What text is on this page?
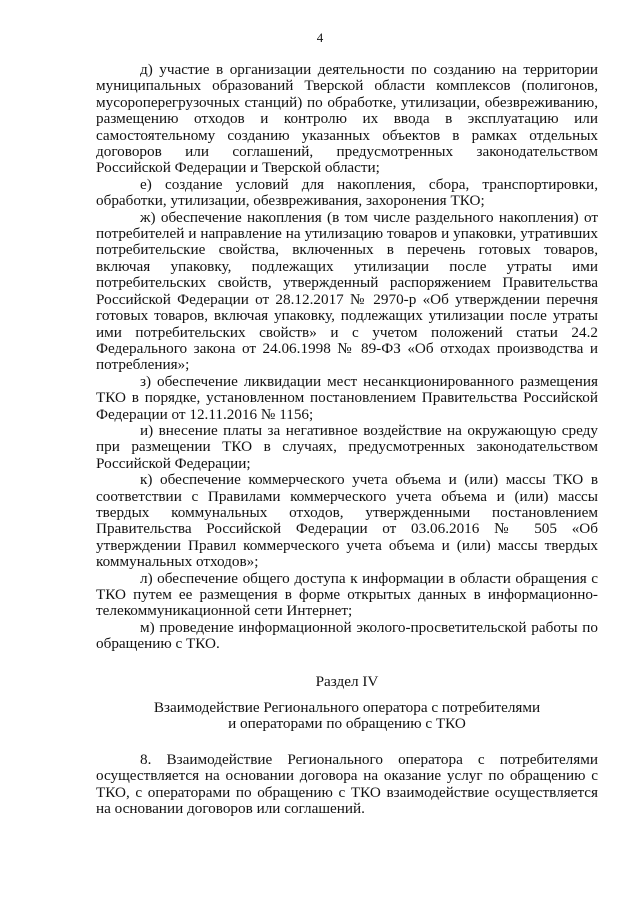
4

д) участие в организации деятельности по созданию на территории муниципальных образований Тверской области комплексов (полигонов, мусороперегрузочных станций) по обработке, утилизации, обезвреживанию, размещению отходов и контролю их ввода в эксплуатацию или самостоятельному созданию указанных объектов в рамках отдельных договоров или соглашений, предусмотренных законодательством Российской Федерации и Тверской области;

е) создание условий для накопления, сбора, транспортировки, обработки, утилизации, обезвреживания, захоронения ТКО;

ж) обеспечение накопления (в том числе раздельного накопления) от потребителей и направление на утилизацию товаров и упаковки, утративших потребительские свойства, включенных в перечень готовых товаров, включая упаковку, подлежащих утилизации после утраты ими потребительских свойств, утвержденный распоряжением Правительства Российской Федерации от 28.12.2017 № 2970-р «Об утверждении перечня готовых товаров, включая упаковку, подлежащих утилизации после утраты ими потребительских свойств» и с учетом положений статьи 24.2 Федерального закона от 24.06.1998 № 89-ФЗ «Об отходах производства и потребления»;

з) обеспечение ликвидации мест несанкционированного размещения ТКО в порядке, установленном постановлением Правительства Российской Федерации от 12.11.2016 № 1156;

и) внесение платы за негативное воздействие на окружающую среду при размещении ТКО в случаях, предусмотренных законодательством Российской Федерации;

к) обеспечение коммерческого учета объема и (или) массы ТКО в соответствии с Правилами коммерческого учета объема и (или) массы твердых коммунальных отходов, утвержденными постановлением Правительства Российской Федерации от 03.06.2016 № 505 «Об утверждении Правил коммерческого учета объема и (или) массы твердых коммунальных отходов»;

л) обеспечение общего доступа к информации в области обращения с ТКО путем ее размещения в форме открытых данных в информационно-телекоммуникационной сети Интернет;

м) проведение информационной эколого-просветительской работы по обращению с ТКО.

Раздел IV

Взаимодействие Регионального оператора с потребителями
и операторами по обращению с ТКО

8. Взаимодействие Регионального оператора с потребителями осуществляется на основании договора на оказание услуг по обращению с ТКО, с операторами по обращению с ТКО взаимодействие осуществляется на основании договоров или соглашений.
